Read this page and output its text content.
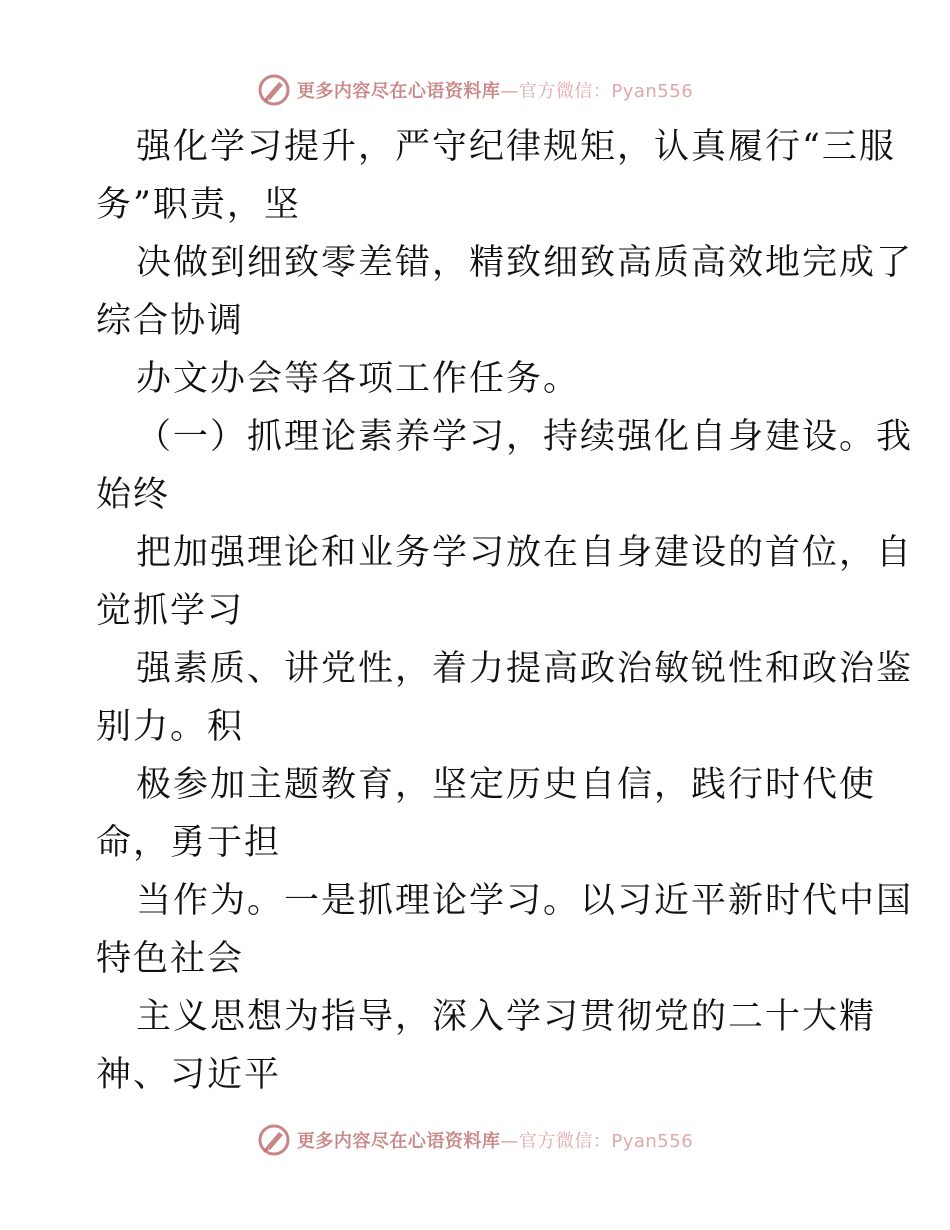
更多内容尽在心语资料库—官方微信：Pyan556
强化学习提升，严守纪律规矩，认真履行“三服
务”职责，坚
决做到细致零差错，精致细致高质高效地完成了
综合协调
办文办会等各项工作任务。
（一）抓理论素养学习，持续强化自身建设。我
始终
把加强理论和业务学习放在自身建设的首位，自
觉抓学习
强素质、讲党性，着力提高政治敏锐性和政治鉴
别力。积
极参加主题教育，坚定历史自信，践行时代使
命，勇于担
当作为。一是抓理论学习。以习近平新时代中国
特色社会
主义思想为指导，深入学习贯彻党的二十大精
神、习近平
更多内容尽在心语资料库—官方微信：Pyan556
